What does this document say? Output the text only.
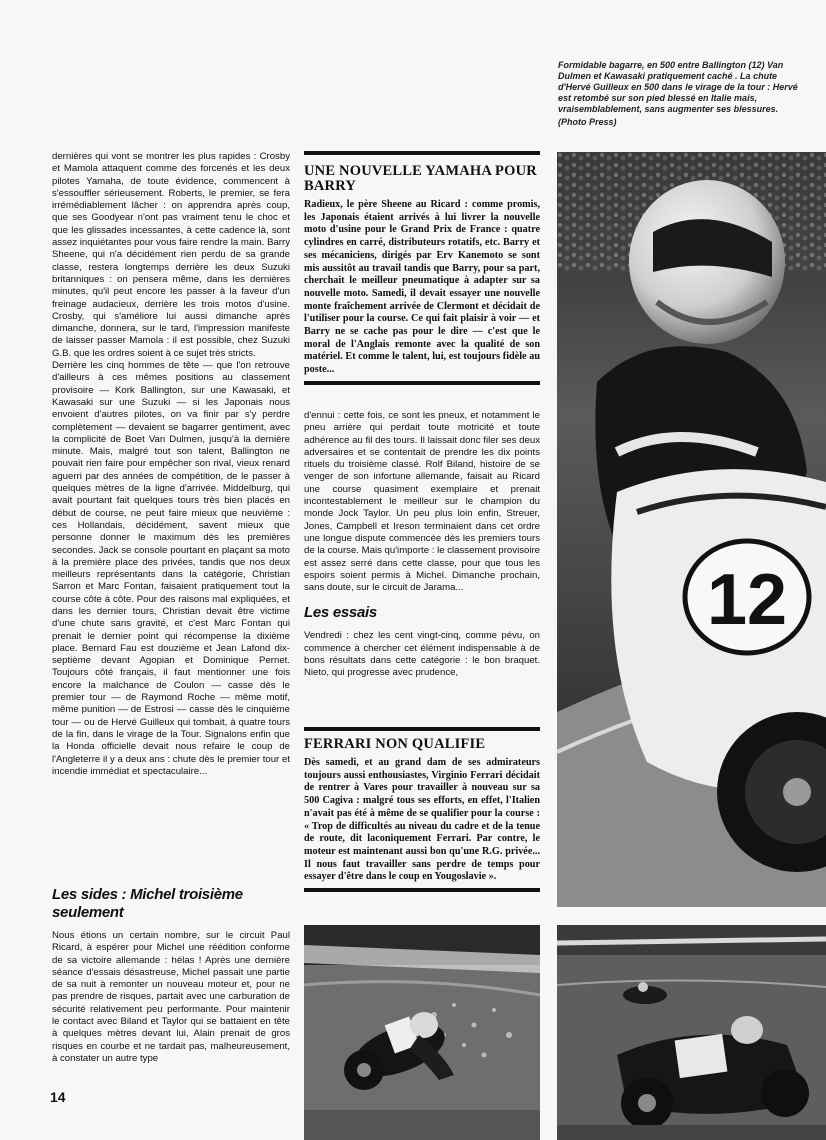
Formidable bagarre, en 500 entre Ballington (12) Van Dulmen et Kawasaki pratiquement caché . La chute d'Hervé Guilleux en 500 dans le virage de la tour : Hervé est retombé sur son pied blessé en Italie mais, vraisemblablement, sans augmenter ses blessures.
(Photo Press)

dernières qui vont se montrer les plus rapides : Crosby et Mamola attaquent comme des forcenés et les deux pilotes Yamaha, de toute évidence, commencent à s'essouffler sérieusement. Roberts, le premier, se fera irrémédiablement lâcher : on apprendra après coup, que ses Goodyear n'ont pas vraiment tenu le choc et que les glissades incessantes, à cette cadence là, sont assez inquiétantes pour vous faire rendre la main. Barry Sheene, qui n'a décidément rien perdu de sa grande classe, restera longtemps derrière les deux Suzuki britanniques : on pensera même, dans les dernières minutes, qu'il peut encore les passer à la faveur d'un freinage audacieux, derrière les trois motos d'usine. Crosby, qui s'améliore lui aussi dimanche après dimanche, donnera, sur le tard, l'impression manifeste de laisser passer Mamola : il est possible, chez Suzuki G.B. que les ordres soient à ce sujet très stricts.

Derrière les cinq hommes de tête — que l'on retrouve d'ailleurs à ces mêmes positions au classement provisoire — Kork Ballington, sur une Kawasaki, et Kawasaki sur une Suzuki — si les Japonais nous envoient d'autres pilotes, on va finir par s'y perdre complètement — devaient se bagarrer gentiment, avec la complicité de Boet Van Dulmen, jusqu'à la dernière minute. Mais, malgré tout son talent, Ballington ne pouvait rien faire pour empêcher son rival, vieux renard aguerri par des années de compétition, de le passer à quelques mètres de la ligne d'arrivée. Middelburg, qui avait pourtant fait quelques tours très bien placés en début de course, ne peut faire mieux que neuvième : ces Hollandais, décidément, savent mieux que personne donner le maximum dès les premières secondes. Jack se console pourtant en plaçant sa moto à la première place des privées, tandis que nos deux meilleurs représentants dans la catégorie, Christian Sarron et Marc Fontan, faisaient pratiquement tout la course côte à côte. Pour des raisons mal expliquées, et dans les dernier tours, Christian devait être victime d'une chute sans gravité, et c'est Marc Fontan qui prenait le dernier point qui récompense la dixième place. Bernard Fau est douzième et Jean Lafond dix-septième devant Agopian et Dominique Pernet. Toujours côté français, il faut mentionner une fois encore la malchance de Coulon — casse dès le premier tour — de Raymond Roche — même motif, même punition — de Estrosi — casse dès le cinquième tour — ou de Hervé Guilleux qui tombait, à quatre tours de la fin, dans le virage de la Tour. Signalons enfin que la Honda officielle devait nous refaire le coup de l'Angleterre il y a deux ans : chute dès le premier tour et incendie immédiat et spectaculaire...

Les sides : Michel troisième seulement

Nous étions un certain nombre, sur le circuit Paul Ricard, à espérer pour Michel une réédition conforme de sa victoire allemande : hélas ! Après une dernière séance d'essais désastreuse, Michel passait une partie de sa nuit à remonter un nouveau moteur et, pour ne pas prendre de risques, partait avec une carburation de sécurité relativement peu performante. Pour maintenir le contact avec Biland et Taylor qui se battaient en tête à quelques mètres devant lui, Alain prenait de gros risques en courbe et ne tardait pas, malheureusement, à constater un autre type

14

UNE NOUVELLE YAMAHA POUR BARRY

Radieux, le père Sheene au Ricard : comme promis, les Japonais étaient arrivés à lui livrer la nouvelle moto d'usine pour le Grand Prix de France : quatre cylindres en carré, distributeurs rotatifs, etc. Barry et ses mécaniciens, dirigés par Erv Kanemoto se sont mis aussitôt au travail tandis que Barry, pour sa part, cherchait le meilleur pneumatique à adapter sur sa nouvelle moto. Samedi, il devait essayer une nouvelle monte fraîchement arrivée de Clermont et décidait de l'utiliser pour la course. Ce qui fait plaisir à voir — et Barry ne se cache pas pour le dire — c'est que le moral de l'Anglais remonte avec la qualité de son matériel. Et comme le talent, lui, est toujours fidèle au poste...

d'ennui : cette fois, ce sont les pneux, et notamment le pneu arrière qui perdait toute motricité et toute adhérence au fil des tours. Il laissait donc filer ses deux adversaires et se contentait de prendre les dix points rituels du troisième classé. Rolf Biland, histoire de se venger de son infortune allemande, faisait au Ricard une course quasiment exemplaire et prenait incontestablement le meilleur sur le champion du monde Jock Taylor. Un peu plus loin enfin, Streuer, Jones, Campbell et Ireson terminaient dans cet ordre une longue dispute commencée dès les premiers tours de la course. Mais qu'importe : le classement provisoire est assez serré dans cette classe, pour que tous les espoirs soient permis à Michel. Dimanche prochain, sans doute, sur le circuit de Jarama...

Les essais

Vendredi : chez les cent vingt-cinq, comme pévu, on commence à chercher cet élément indispensable à de bons résultats dans cette catégorie : le bon braquet. Nieto, qui progresse avec prudence,

FERRARI NON QUALIFIE

Dès samedi, et au grand dam de ses admirateurs toujours aussi enthousiastes, Virginio Ferrari décidait de rentrer à Vares pour travailler à nouveau sur sa 500 Cagiva : malgré tous ses efforts, en effet, l'Italien n'avait pas été à même de se qualifier pour la course : « Trop de difficultés au niveau du cadre et de la tenue de route, dit laconiquement Ferrari. Par contre, le moteur est maintenant aussi bon qu'une R.G. privée... Il nous faut travailler sans perdre de temps pour essayer d'être dans le coup en Yougoslavie ».

12
